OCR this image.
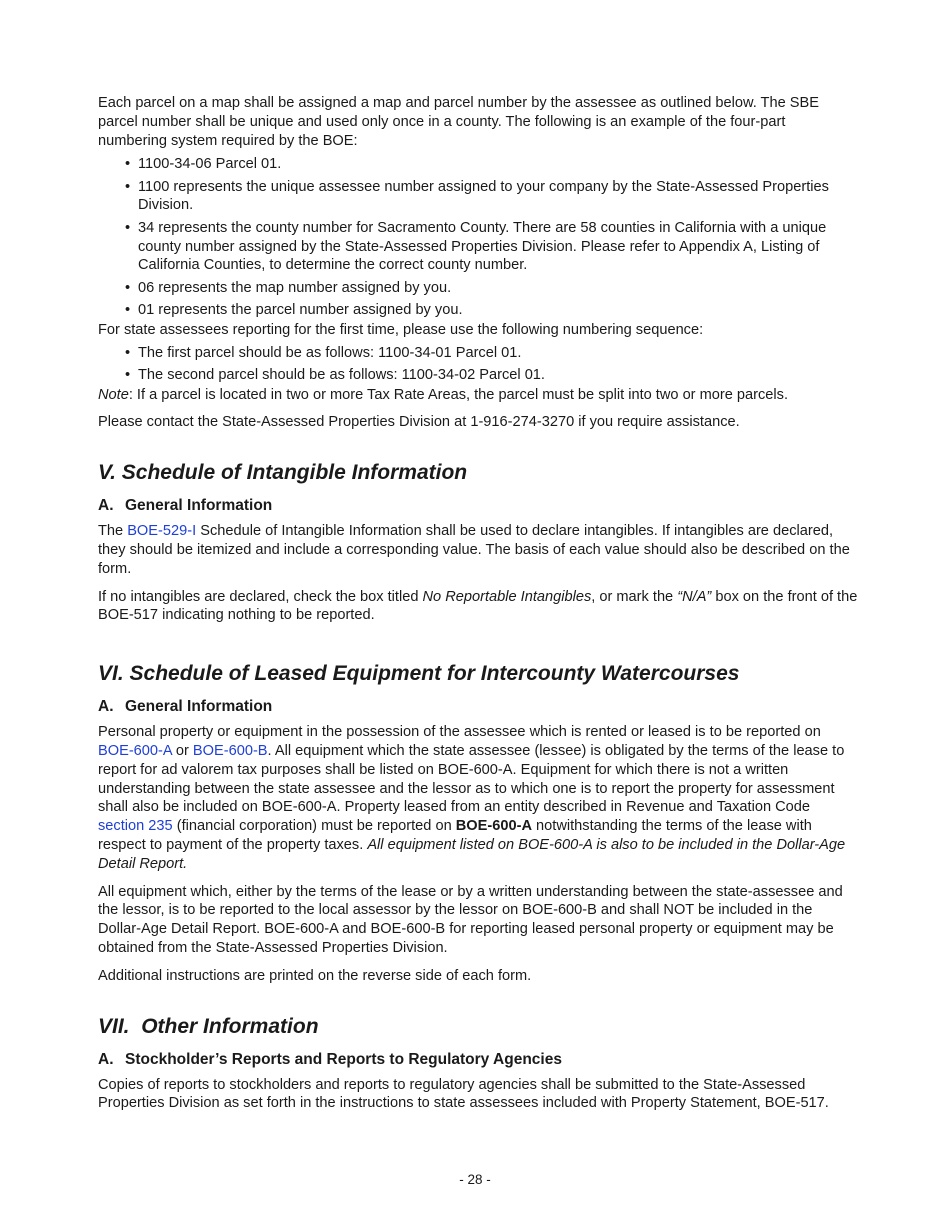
Each parcel on a map shall be assigned a map and parcel number by the assessee as outlined below. The SBE parcel number shall be unique and used only once in a county. The following is an example of the four-part numbering system required by the BOE:

• 1100-34-06 Parcel 01.
• 1100 represents the unique assessee number assigned to your company by the State-Assessed Properties Division.
• 34 represents the county number for Sacramento County. There are 58 counties in California with a unique county number assigned by the State-Assessed Properties Division. Please refer to Appendix A, Listing of California Counties, to determine the correct county number.
• 06 represents the map number assigned by you.
• 01 represents the parcel number assigned by you.

For state assessees reporting for the first time, please use the following numbering sequence:

• The first parcel should be as follows: 1100-34-01 Parcel 01.
• The second parcel should be as follows: 1100-34-02 Parcel 01.

Note: If a parcel is located in two or more Tax Rate Areas, the parcel must be split into two or more parcels.

Please contact the State-Assessed Properties Division at 1-916-274-3270 if you require assistance.

V. Schedule of Intangible Information
A. General Information

The BOE-529-I Schedule of Intangible Information shall be used to declare intangibles. If intangibles are declared, they should be itemized and include a corresponding value. The basis of each value should also be described on the form.

If no intangibles are declared, check the box titled No Reportable Intangibles, or mark the “N/A” box on the front of the BOE-517 indicating nothing to be reported.

VI. Schedule of Leased Equipment for Intercounty Watercourses
A. General Information

Personal property or equipment in the possession of the assessee which is rented or leased is to be reported on BOE-600-A or BOE-600-B. All equipment which the state assessee (lessee) is obligated by the terms of the lease to report for ad valorem tax purposes shall be listed on BOE-600-A. Equipment for which there is not a written understanding between the state assessee and the lessor as to which one is to report the property for assessment shall also be included on BOE-600-A. Property leased from an entity described in Revenue and Taxation Code section 235 (financial corporation) must be reported on BOE-600-A notwithstanding the terms of the lease with respect to payment of the property taxes. All equipment listed on BOE-600-A is also to be included in the Dollar-Age Detail Report.

All equipment which, either by the terms of the lease or by a written understanding between the state-assessee and the lessor, is to be reported to the local assessor by the lessor on BOE-600-B and shall NOT be included in the Dollar-Age Detail Report. BOE-600-A and BOE-600-B for reporting leased personal property or equipment may be obtained from the State-Assessed Properties Division.

Additional instructions are printed on the reverse side of each form.

VII. Other Information
A. Stockholder’s Reports and Reports to Regulatory Agencies

Copies of reports to stockholders and reports to regulatory agencies shall be submitted to the State-Assessed Properties Division as set forth in the instructions to state assessees included with Property Statement, BOE-517.

- 28 -
